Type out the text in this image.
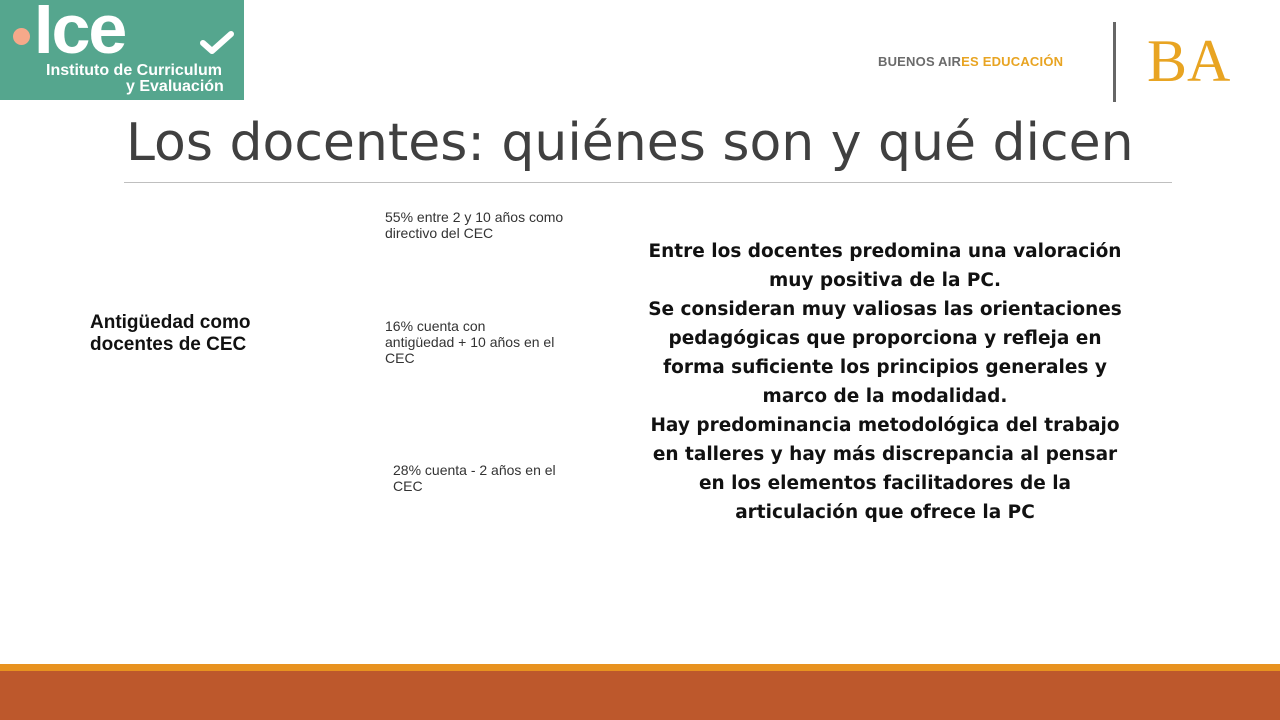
Ice
Instituto de Curriculum
y Evaluación
BUENOS AIRES EDUCACIÓN BA
Los docentes: quiénes son y qué dicen
Antigüedad como docentes de CEC
55% entre 2 y 10 años como directivo del CEC
16% cuenta con antigüedad + 10 años en el CEC
28% cuenta - 2 años en el CEC

Entre los docentes predomina una valoración muy positiva de la PC.

Se consideran muy valiosas las orientaciones pedagógicas que proporciona y refleja en forma suficiente los principios generales y marco de la modalidad.

Hay predominancia metodológica del trabajo en talleres y hay más discrepancia al pensar en los elementos facilitadores de la articulación que ofrece la PC
